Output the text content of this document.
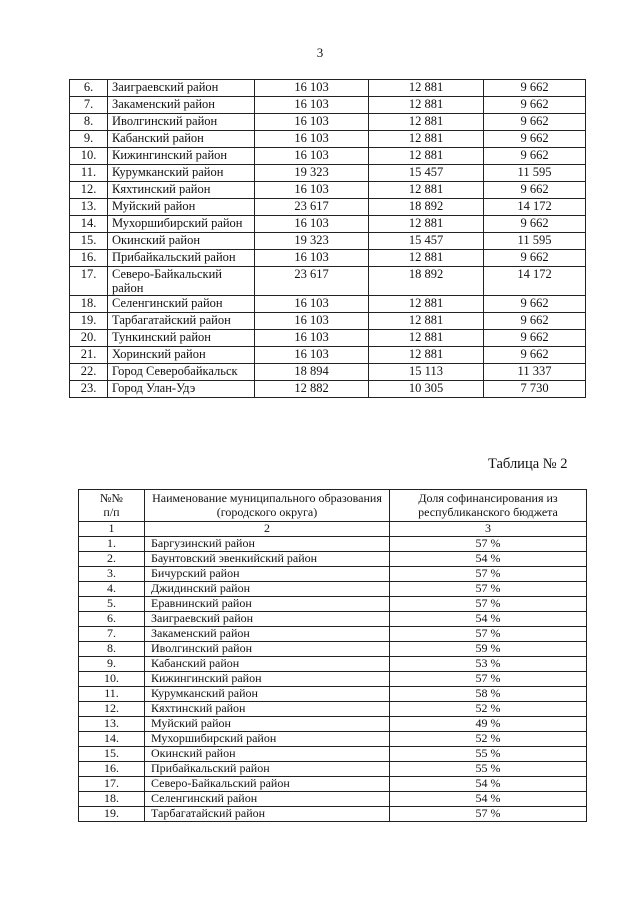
3
6.	Заиграевский район	16 103	12 881	9 662
7.	Закаменский район	16 103	12 881	9 662
8.	Иволгинский район	16 103	12 881	9 662
9.	Кабанский район	16 103	12 881	9 662
10.	Кижингинский район	16 103	12 881	9 662
11.	Курумканский район	19 323	15 457	11 595
12.	Кяхтинский район	16 103	12 881	9 662
13.	Муйский район	23 617	18 892	14 172
14.	Мухоршибирский район	16 103	12 881	9 662
15.	Окинский район	19 323	15 457	11 595
16.	Прибайкальский район	16 103	12 881	9 662
17.	Северо-Байкальский район	23 617	18 892	14 172
18.	Селенгинский район	16 103	12 881	9 662
19.	Тарбагатайский район	16 103	12 881	9 662
20.	Тункинский район	16 103	12 881	9 662
21.	Хоринский район	16 103	12 881	9 662
22.	Город Северобайкальск	18 894	15 113	11 337
23.	Город Улан-Удэ	12 882	10 305	7 730
Таблица № 2
№№
п/п	Наименование муниципального образования (городского округа)	Доля софинансирования из республиканского бюджета
1	2	3
1.	Баргузинский район	57 %
2.	Баунтовский эвенкийский район	54 %
3.	Бичурский район	57 %
4.	Джидинский район	57 %
5.	Еравнинский район	57 %
6.	Заиграевский район	54 %
7.	Закаменский район	57 %
8.	Иволгинский район	59 %
9.	Кабанский район	53 %
10.	Кижингинский район	57 %
11.	Курумканский район	58 %
12.	Кяхтинский район	52 %
13.	Муйский район	49 %
14.	Мухоршибирский район	52 %
15.	Окинский район	55 %
16.	Прибайкальский район	55 %
17.	Северо-Байкальский район	54 %
18.	Селенгинский район	54 %
19.	Тарбагатайский район	57 %
